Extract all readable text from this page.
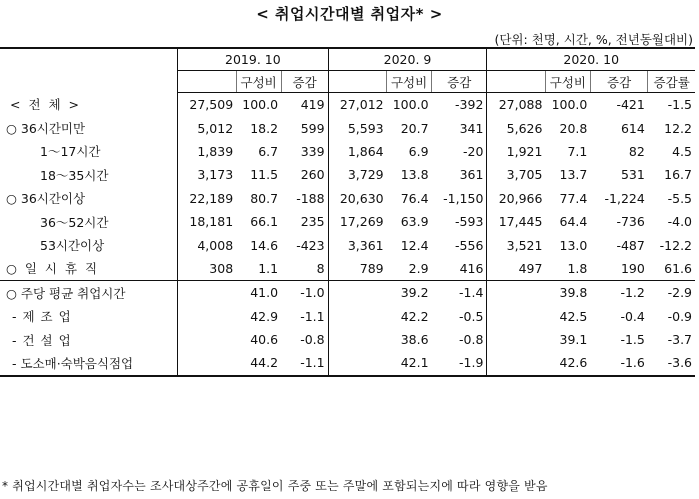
< 취업시간대별 취업자* >
(단위: 천명, 시간, %, 전년동월대비)
	2019. 10			2020. 9			2020. 10			
		구성비	증감		구성비	증감		구성비	증감	증감률
< 전 체 >	27,509	100.0	419	27,012	100.0	-392	27,088	100.0	-421	-1.5
○ 36시간미만	5,012	18.2	599	5,593	20.7	341	5,626	20.8	614	12.2
1～17시간	1,839	6.7	339	1,864	6.9	-20	1,921	7.1	82	4.5
18～35시간	3,173	11.5	260	3,729	13.8	361	3,705	13.7	531	16.7
○ 36시간이상	22,189	80.7	-188	20,630	76.4	-1,150	20,966	77.4	-1,224	-5.5
36～52시간	18,181	66.1	235	17,269	63.9	-593	17,445	64.4	-736	-4.0
53시간이상	4,008	14.6	-423	3,361	12.4	-556	3,521	13.0	-487	-12.2
○ 일 시 휴 직	308	1.1	8	789	2.9	416	497	1.8	190	61.6
○ 주당 평균 취업시간		41.0	-1.0		39.2	-1.4		39.8	-1.2	-2.9
- 제 조 업		42.9	-1.1		42.2	-0.5		42.5	-0.4	-0.9
- 건 설 업		40.6	-0.8		38.6	-0.8		39.1	-1.5	-3.7
- 도소매·숙박음식점업		44.2	-1.1		42.1	-1.9		42.6	-1.6	-3.6
* 취업시간대별 취업자수는 조사대상주간에 공휴일이 주중 또는 주말에 포함되는지에 따라 영향을 받음
